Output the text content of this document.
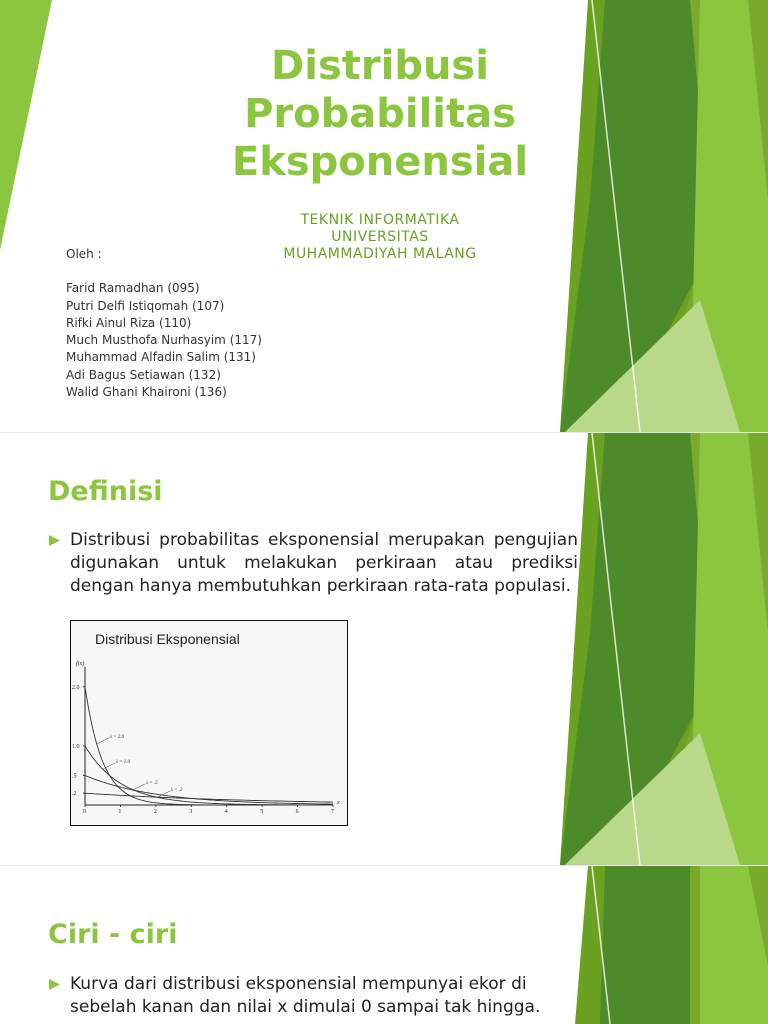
Distribusi
Probabilitas
Eksponensial
TEKNIK INFORMATIKA
UNIVERSITAS
MUHAMMADIYAH MALANG
Oleh :
Farid Ramadhan (095)
Putri Delfi Istiqomah (107)
Rifki Ainul Riza (110)
Much Musthofa Nurhasyim (117)
Muhammad Alfadin Salim (131)
Adi Bagus Setiawan (132)
Walid Ghani Khaironi (136)
Definisi
Distribusi probabilitas eksponensial merupakan pengujian digunakan untuk melakukan perkiraan atau prediksi dengan hanya membutuhkan perkiraan rata-rata populasi.
Distribusi Eksponensial
f(x)
x
0	1	2	3	4	5	6	7
2.0
1.0
.5
.2
λ = 2.0
λ = 1.0
λ = .5
λ = .2
Ciri - ciri
Kurva dari distribusi eksponensial mempunyai ekor di sebelah kanan dan nilai x dimulai 0 sampai tak hingga.
